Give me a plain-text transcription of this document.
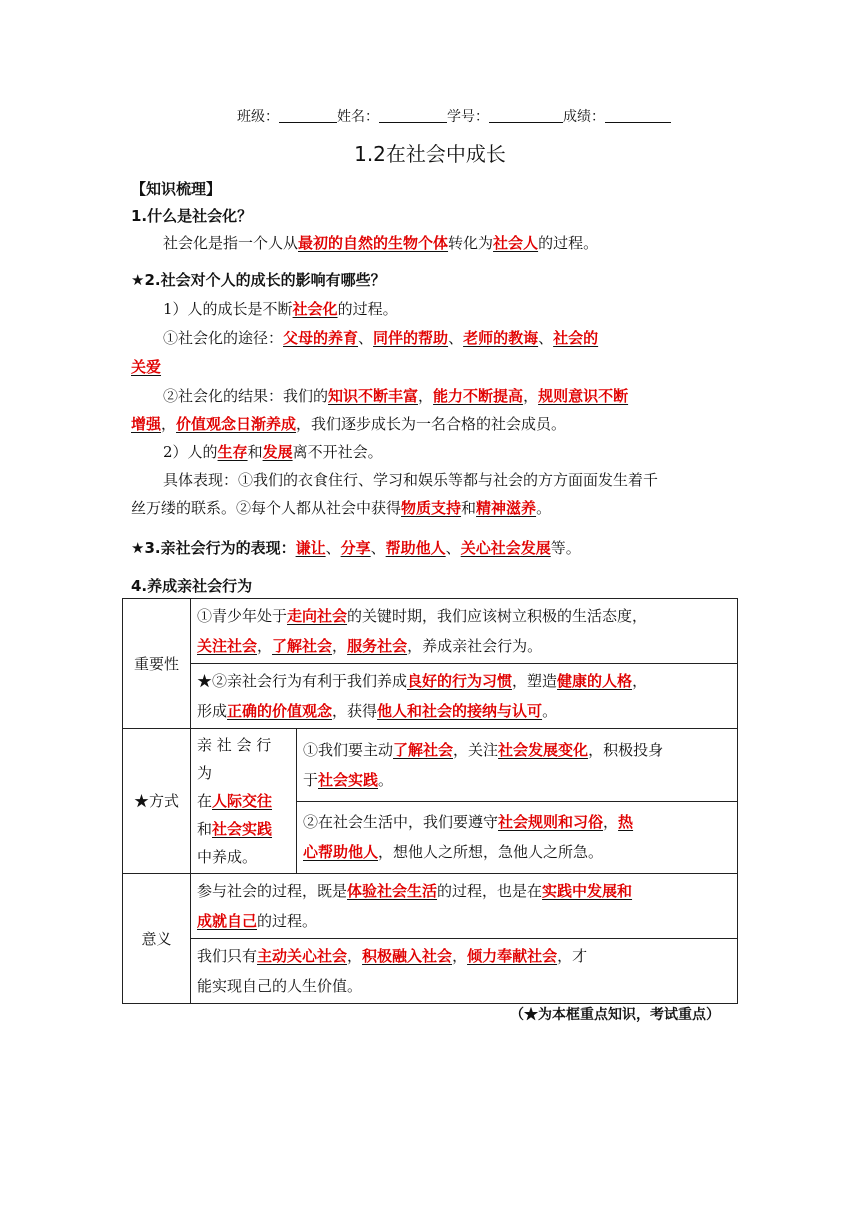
班级：	姓名：	学号：	成绩：
1.2在社会中成长
【知识梳理】
1.什么是社会化？
社会化是指一个人从最初的自然的生物个体转化为社会人的过程。
★2.社会对个人的成长的影响有哪些？
1）人的成长是不断社会化的过程。
①社会化的途径：父母的养育、同伴的帮助、老师的教诲、社会的
关爱
②社会化的结果：我们的知识不断丰富，能力不断提高，规则意识不断
增强，价值观念日渐养成，我们逐步成长为一名合格的社会成员。
2）人的生存和发展离不开社会。
具体表现：①我们的衣食住行、学习和娱乐等都与社会的方方面面发生着千
丝万缕的联系。②每个人都从社会中获得物质支持和精神滋养。
★3.亲社会行为的表现：谦让、分享、帮助他人、关心社会发展等。
4.养成亲社会行为
重要性	①青少年处于走向社会的关键时期，我们应该树立积极的生活态度，
关注社会，了解社会，服务社会，养成亲社会行为。	
	★②亲社会行为有利于我们养成良好的行为习惯，塑造健康的人格，
形成正确的价值观念，获得他人和社会的接纳与认可。	
★方式	亲 社 会 行 为
在人际交往
和社会实践
中养成。	①我们要主动了解社会，关注社会发展变化，积极投身
于社会实践。
		②在社会生活中，我们要遵守社会规则和习俗，热
心帮助他人，想他人之所想，急他人之所急。
意义	参与社会的过程，既是体验社会生活的过程，也是在实践中发展和
成就自己的过程。	
	我们只有主动关心社会，积极融入社会，倾力奉献社会，才
能实现自己的人生价值。	
（★为本框重点知识，考试重点）
